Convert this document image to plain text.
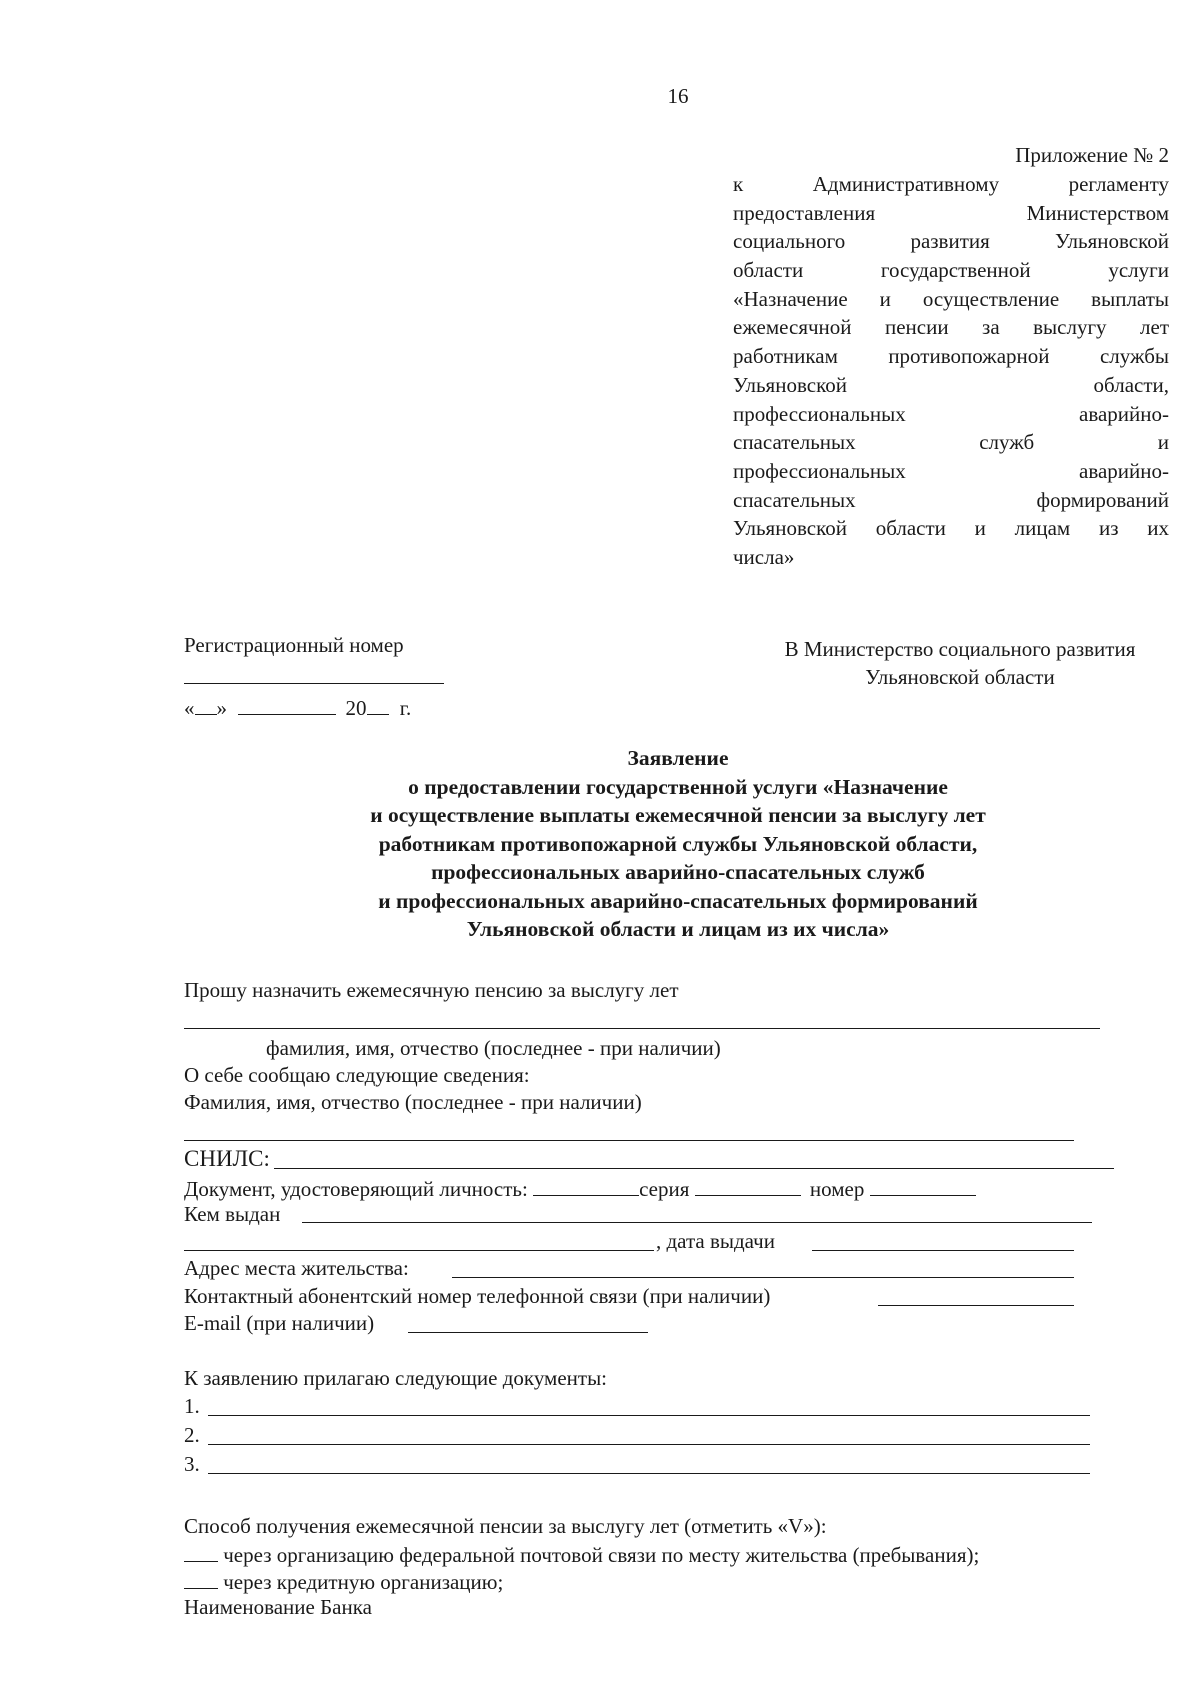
16
Приложение № 2
к Административному регламенту
предоставления Министерством
социального развития Ульяновской
области государственной услуги
«Назначение и осуществление выплаты
ежемесячной пенсии за выслугу лет
работникам противопожарной службы
Ульяновской области,
профессиональных аварийно-
спасательных служб и
профессиональных аварийно-
спасательных формирований
Ульяновской области и лицам из их
числа»
Регистрационный номер
« »	20 г.
В Министерство социального развития
Ульяновской области
Заявление
о предоставлении государственной услуги «Назначение
и осуществление выплаты ежемесячной пенсии за выслугу лет
работникам противопожарной службы Ульяновской области,
профессиональных аварийно-спасательных служб
и профессиональных аварийно-спасательных формирований
Ульяновской области и лицам из их числа»
Прошу назначить ежемесячную пенсию за выслугу лет
фамилия, имя, отчество (последнее - при наличии)
О себе сообщаю следующие сведения:
Фамилия, имя, отчество (последнее - при наличии)
СНИЛС:
Документ, удостоверяющий личность:	серия	номер
Кем выдан
, дата выдачи
Адрес места жительства:
Контактный абонентский номер телефонной связи (при наличии)
E-mail (при наличии)
К заявлению прилагаю следующие документы:
1.
2.
3.
Способ получения ежемесячной пенсии за выслугу лет (отметить «V»):
через организацию федеральной почтовой связи по месту жительства (пребывания);
через кредитную организацию;
Наименование Банка
